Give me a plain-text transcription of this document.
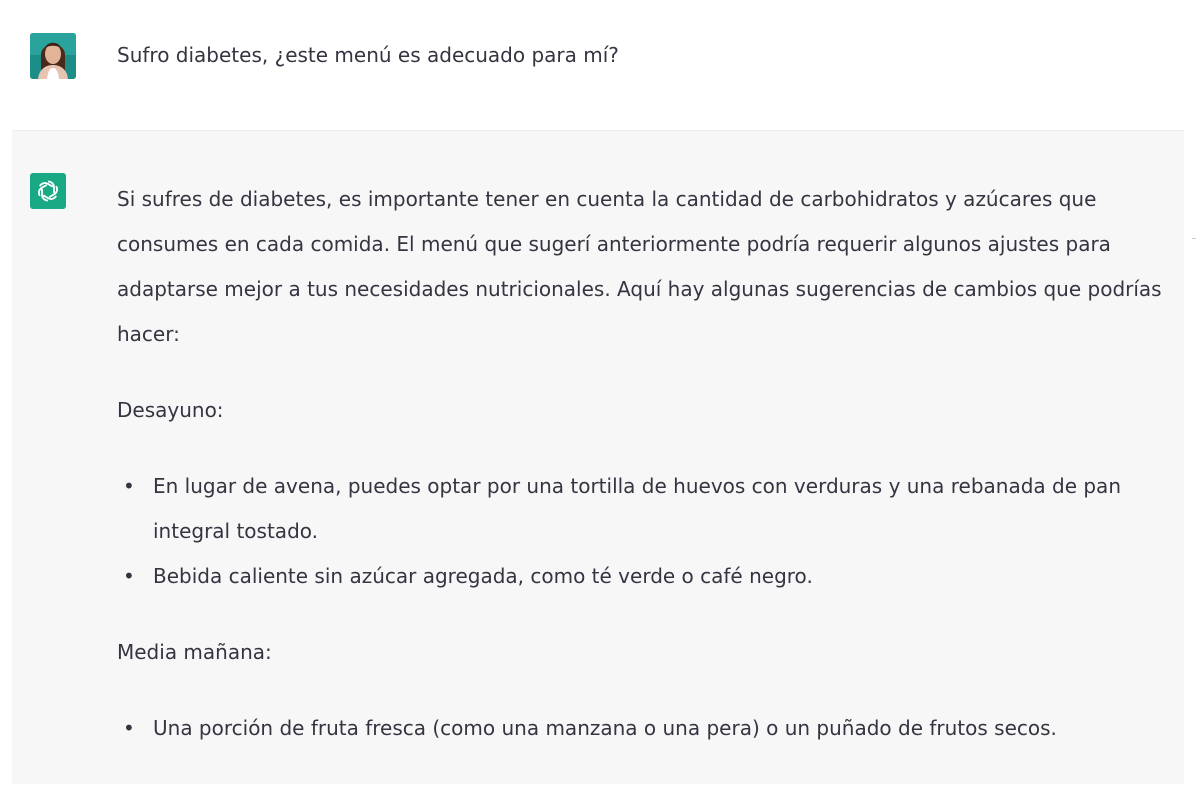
Sufro diabetes, ¿este menú es adecuado para mí?

Si sufres de diabetes, es importante tener en cuenta la cantidad de carbohidratos y azúcares que consumes en cada comida. El menú que sugerí anteriormente podría requerir algunos ajustes para adaptarse mejor a tus necesidades nutricionales. Aquí hay algunas sugerencias de cambios que podrías hacer:

Desayuno:

• En lugar de avena, puedes optar por una tortilla de huevos con verduras y una rebanada de pan integral tostado.
• Bebida caliente sin azúcar agregada, como té verde o café negro.

Media mañana:

• Una porción de fruta fresca (como una manzana o una pera) o un puñado de frutos secos.
